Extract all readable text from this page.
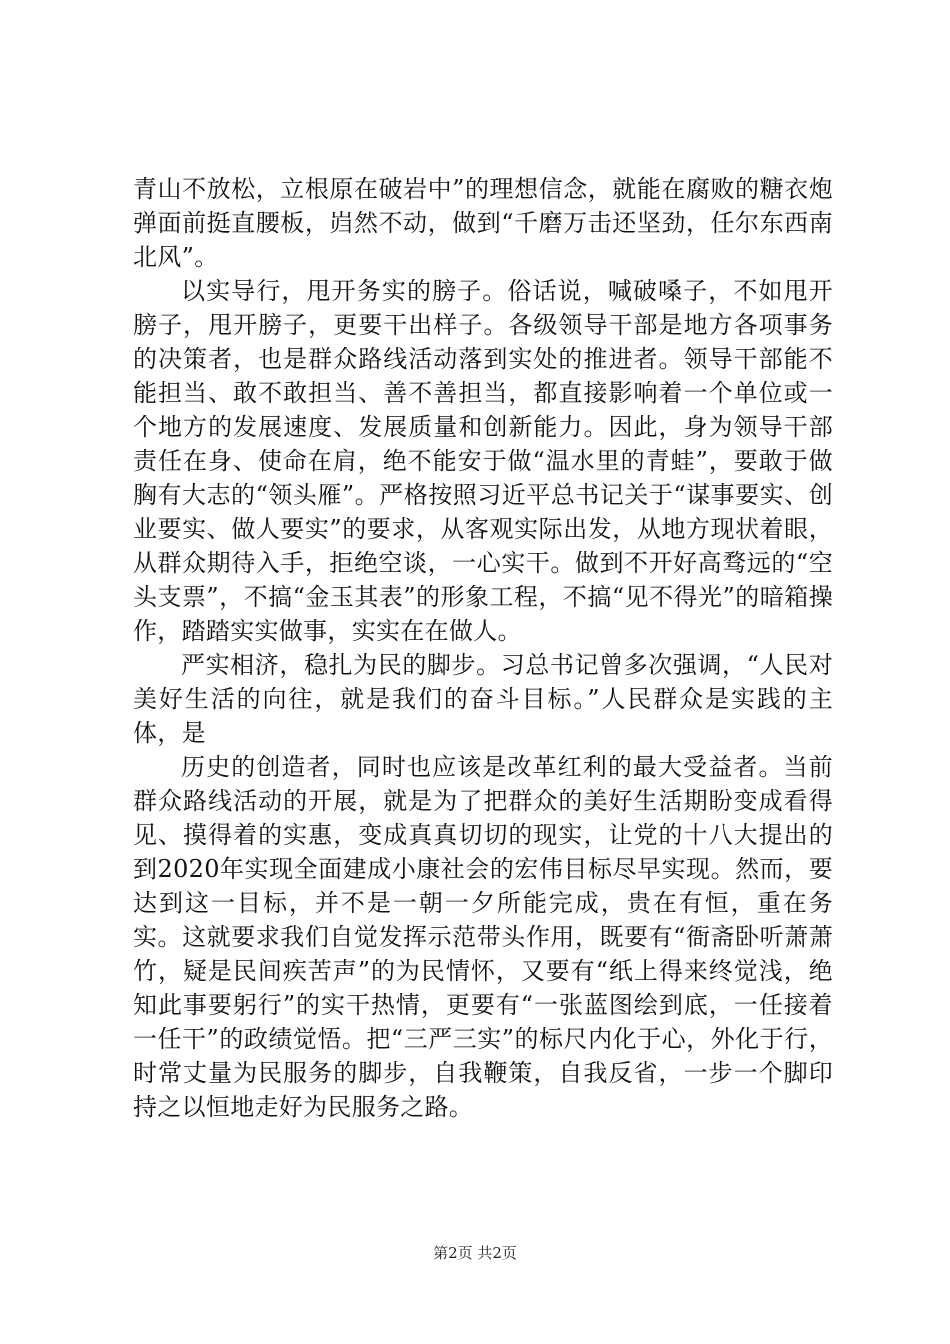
青山不放松，立根原在破岩中”的理想信念，就能在腐败的糖衣炮弹面前挺直腰板，岿然不动，做到“千磨万击还坚劲，任尔东西南北风”。

以实导行，甩开务实的膀子。俗话说，喊破嗓子，不如甩开膀子，甩开膀子，更要干出样子。各级领导干部是地方各项事务的决策者，也是群众路线活动落到实处的推进者。领导干部能不能担当、敢不敢担当、善不善担当，都直接影响着一个单位或一个地方的发展速度、发展质量和创新能力。因此，身为领导干部责任在身、使命在肩，绝不能安于做“温水里的青蛙”，要敢于做胸有大志的“领头雁”。严格按照习近平总书记关于“谋事要实、创业要实、做人要实”的要求，从客观实际出发，从地方现状着眼，从群众期待入手，拒绝空谈，一心实干。做到不开好高骛远的“空头支票”，不搞“金玉其表”的形象工程，不搞“见不得光”的暗箱操作，踏踏实实做事，实实在在做人。

严实相济，稳扎为民的脚步。习总书记曾多次强调，“人民对美好生活的向往，就是我们的奋斗目标。”人民群众是实践的主体，是

历史的创造者，同时也应该是改革红利的最大受益者。当前群众路线活动的开展，就是为了把群众的美好生活期盼变成看得见、摸得着的实惠，变成真真切切的现实，让党的十八大提出的到2020年实现全面建成小康社会的宏伟目标尽早实现。然而，要达到这一目标，并不是一朝一夕所能完成，贵在有恒，重在务实。这就要求我们自觉发挥示范带头作用，既要有“衙斋卧听萧萧竹，疑是民间疾苦声”的为民情怀，又要有“纸上得来终觉浅，绝知此事要躬行”的实干热情，更要有“一张蓝图绘到底，一任接着一任干”的政绩觉悟。把“三严三实”的标尺内化于心，外化于行，时常丈量为民服务的脚步，自我鞭策，自我反省，一步一个脚印持之以恒地走好为民服务之路。

第2页 共2页
